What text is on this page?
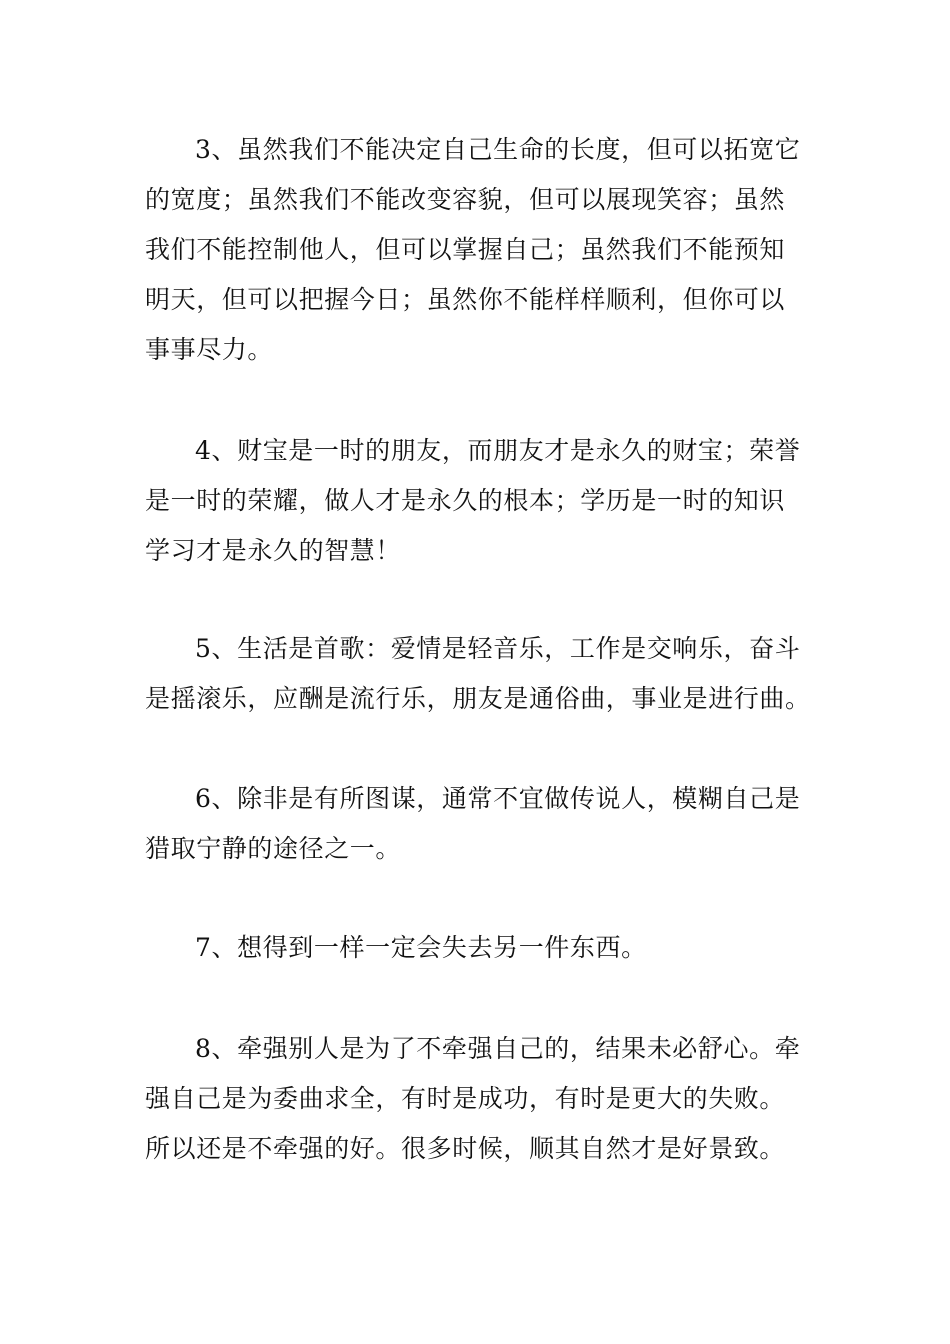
3、虽然我们不能决定自己生命的长度，但可以拓宽它

的宽度；虽然我们不能改变容貌，但可以展现笑容；虽然

我们不能控制他人，但可以掌握自己；虽然我们不能预知

明天，但可以把握今日；虽然你不能样样顺利，但你可以

事事尽力。

4、财宝是一时的朋友，而朋友才是永久的财宝；荣誉

是一时的荣耀，做人才是永久的根本；学历是一时的知识

学习才是永久的智慧！

5、生活是首歌：爱情是轻音乐，工作是交响乐，奋斗

是摇滚乐，应酬是流行乐，朋友是通俗曲，事业是进行曲。

6、除非是有所图谋，通常不宜做传说人，模糊自己是

猎取宁静的途径之一。

7、想得到一样一定会失去另一件东西。

8、牵强别人是为了不牵强自己的，结果未必舒心。牵

强自己是为委曲求全，有时是成功，有时是更大的失败。

所以还是不牵强的好。很多时候，顺其自然才是好景致。
